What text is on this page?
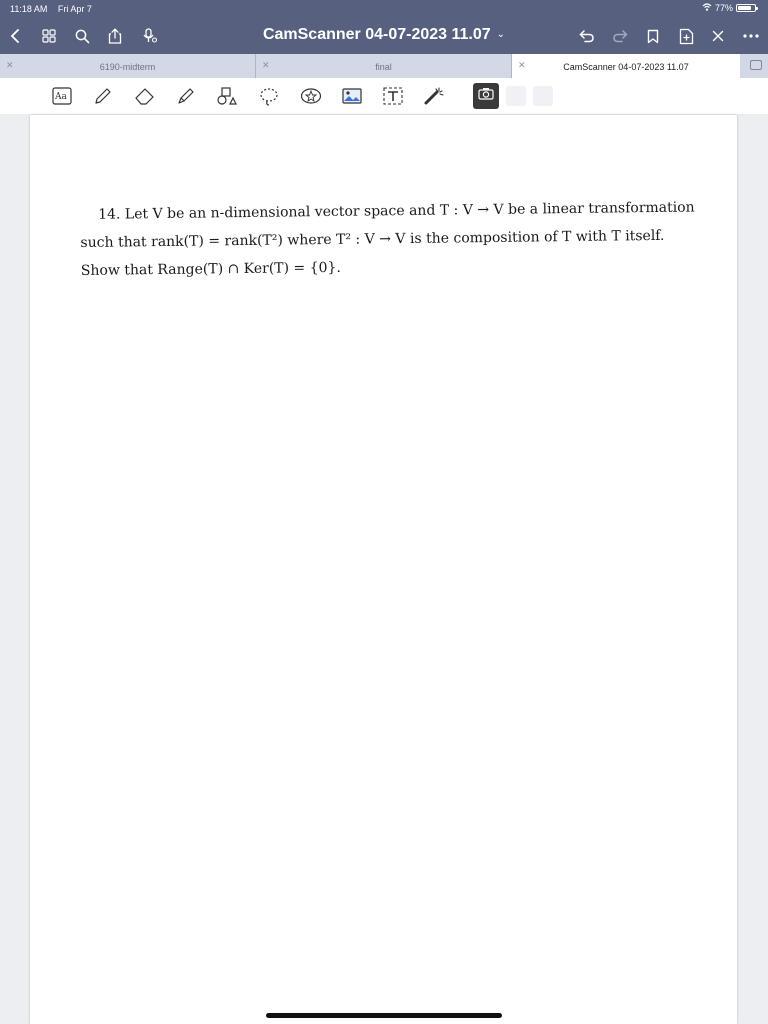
11:18 AM Fri Apr 7	77%
CamScanner 04-07-2023 11.07 ⌄
✕	6190-midterm	✕	final	✕	CamScanner 04-07-2023 11.07
Aa

14. Let V be an n-dimensional vector space and T : V → V be a linear transformation

such that rank(T) = rank(T²) where T² : V → V is the composition of T with T itself.

Show that Range(T) ∩ Ker(T) = {0}.
